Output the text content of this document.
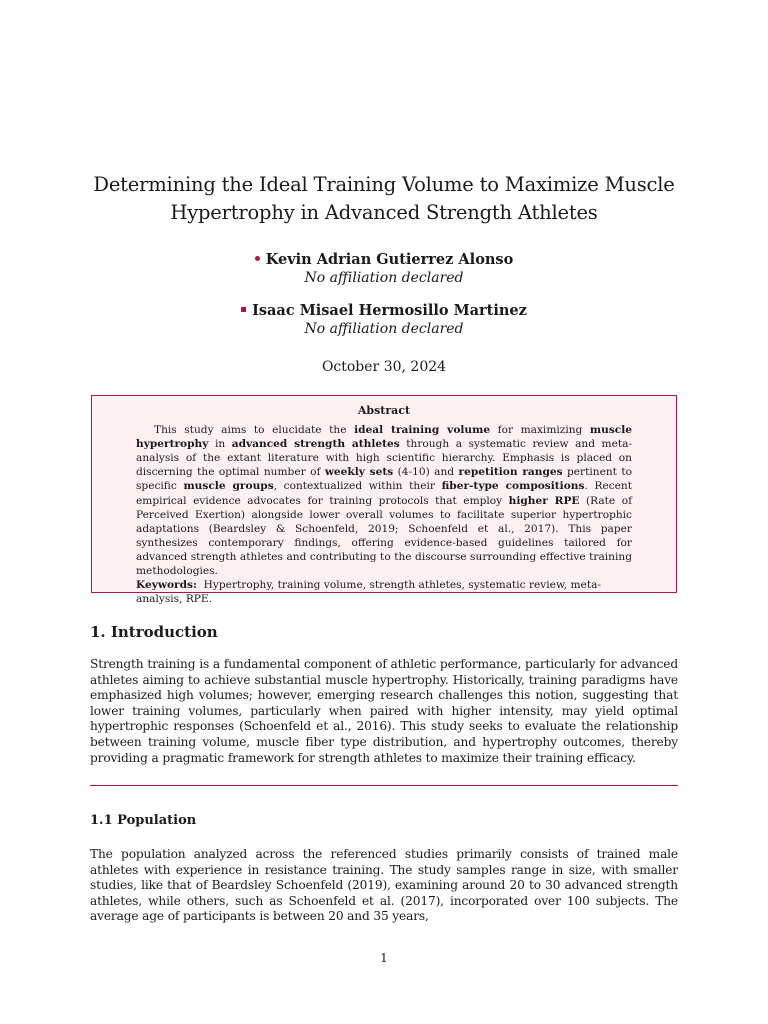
Determining the Ideal Training Volume to Maximize Muscle Hypertrophy in Advanced Strength Athletes
Kevin Adrian Gutierrez Alonso
No affiliation declared
Isaac Misael Hermosillo Martinez
No affiliation declared
October 30, 2024
Abstract

This study aims to elucidate the ideal training volume for maximizing muscle hypertrophy in advanced strength athletes through a systematic review and meta-analysis of the extant literature with high scientific hierarchy. Emphasis is placed on discerning the optimal number of weekly sets (4-10) and repetition ranges pertinent to specific muscle groups, contextualized within their fiber-type compositions. Recent empirical evidence advocates for training protocols that employ higher RPE (Rate of Perceived Exertion) alongside lower overall volumes to facilitate superior hypertrophic adaptations (Beardsley & Schoenfeld, 2019; Schoenfeld et al., 2017). This paper synthesizes contemporary findings, offering evidence-based guidelines tailored for advanced strength athletes and contributing to the discourse surrounding effective training methodologies.

Keywords: Hypertrophy, training volume, strength athletes, systematic review, meta-analysis, RPE.

1. Introduction

Strength training is a fundamental component of athletic performance, particularly for advanced athletes aiming to achieve substantial muscle hypertrophy. Historically, training paradigms have emphasized high volumes; however, emerging research challenges this notion, suggesting that lower training volumes, particularly when paired with higher intensity, may yield optimal hypertrophic responses (Schoenfeld et al., 2016). This study seeks to evaluate the relationship between training volume, muscle fiber type distribution, and hypertrophy outcomes, thereby providing a pragmatic framework for strength athletes to maximize their training efficacy.

1.1 Population

The population analyzed across the referenced studies primarily consists of trained male athletes with experience in resistance training. The study samples range in size, with smaller studies, like that of Beardsley Schoenfeld (2019), examining around 20 to 30 advanced strength athletes, while others, such as Schoenfeld et al. (2017), incorporated over 100 subjects. The average age of participants is between 20 and 35 years,

1
